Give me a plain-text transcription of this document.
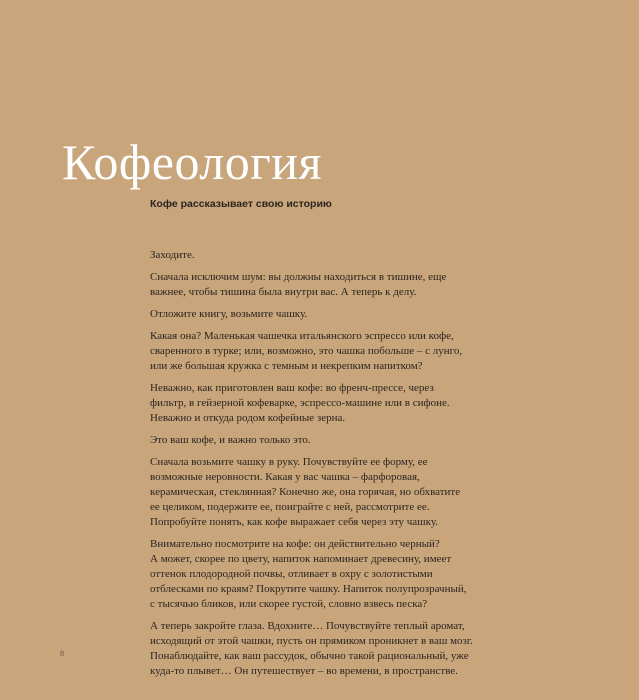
Кофеология
Кофе рассказывает свою историю

Заходите.

Сначала исключим шум: вы должны находиться в тишине, еще
важнее, чтобы тишина была внутри вас. А теперь к делу.

Отложите книгу, возьмите чашку.

Какая она? Маленькая чашечка итальянского эспрессо или кофе,
сваренного в турке; или, возможно, это чашка побольше – с лунго,
или же большая кружка с темным и некрепким напитком?

Неважно, как приготовлен ваш кофе: во френч-прессе, через
фильтр, в гейзерной кофеварке, эспрессо-машине или в сифоне.
Неважно и откуда родом кофейные зерна.

Это ваш кофе, и важно только это.

Сначала возьмите чашку в руку. Почувствуйте ее форму, ее
возможные неровности. Какая у вас чашка – фарфоровая,
керамическая, стеклянная? Конечно же, она горячая, но обхватите
ее целиком, подержите ее, поиграйте с ней, рассмотрите ее.
Попробуйте понять, как кофе выражает себя через эту чашку.

Внимательно посмотрите на кофе: он действительно черный?
А может, скорее по цвету, напиток напоминает древесину, имеет
оттенок плодородной почвы, отливает в охру с золотистыми
отблесками по краям? Покрутите чашку. Напиток полупрозрачный,
с тысячью бликов, или скорее густой, словно взвесь песка?

А теперь закройте глаза. Вдохните… Почувствуйте теплый аромат,
исходящий от этой чашки, пусть он прямиком проникнет в ваш мозг.
Понаблюдайте, как ваш рассудок, обычно такой рациональный, уже
куда-то плывет… Он путешествует – во времени, в пространстве.

8
